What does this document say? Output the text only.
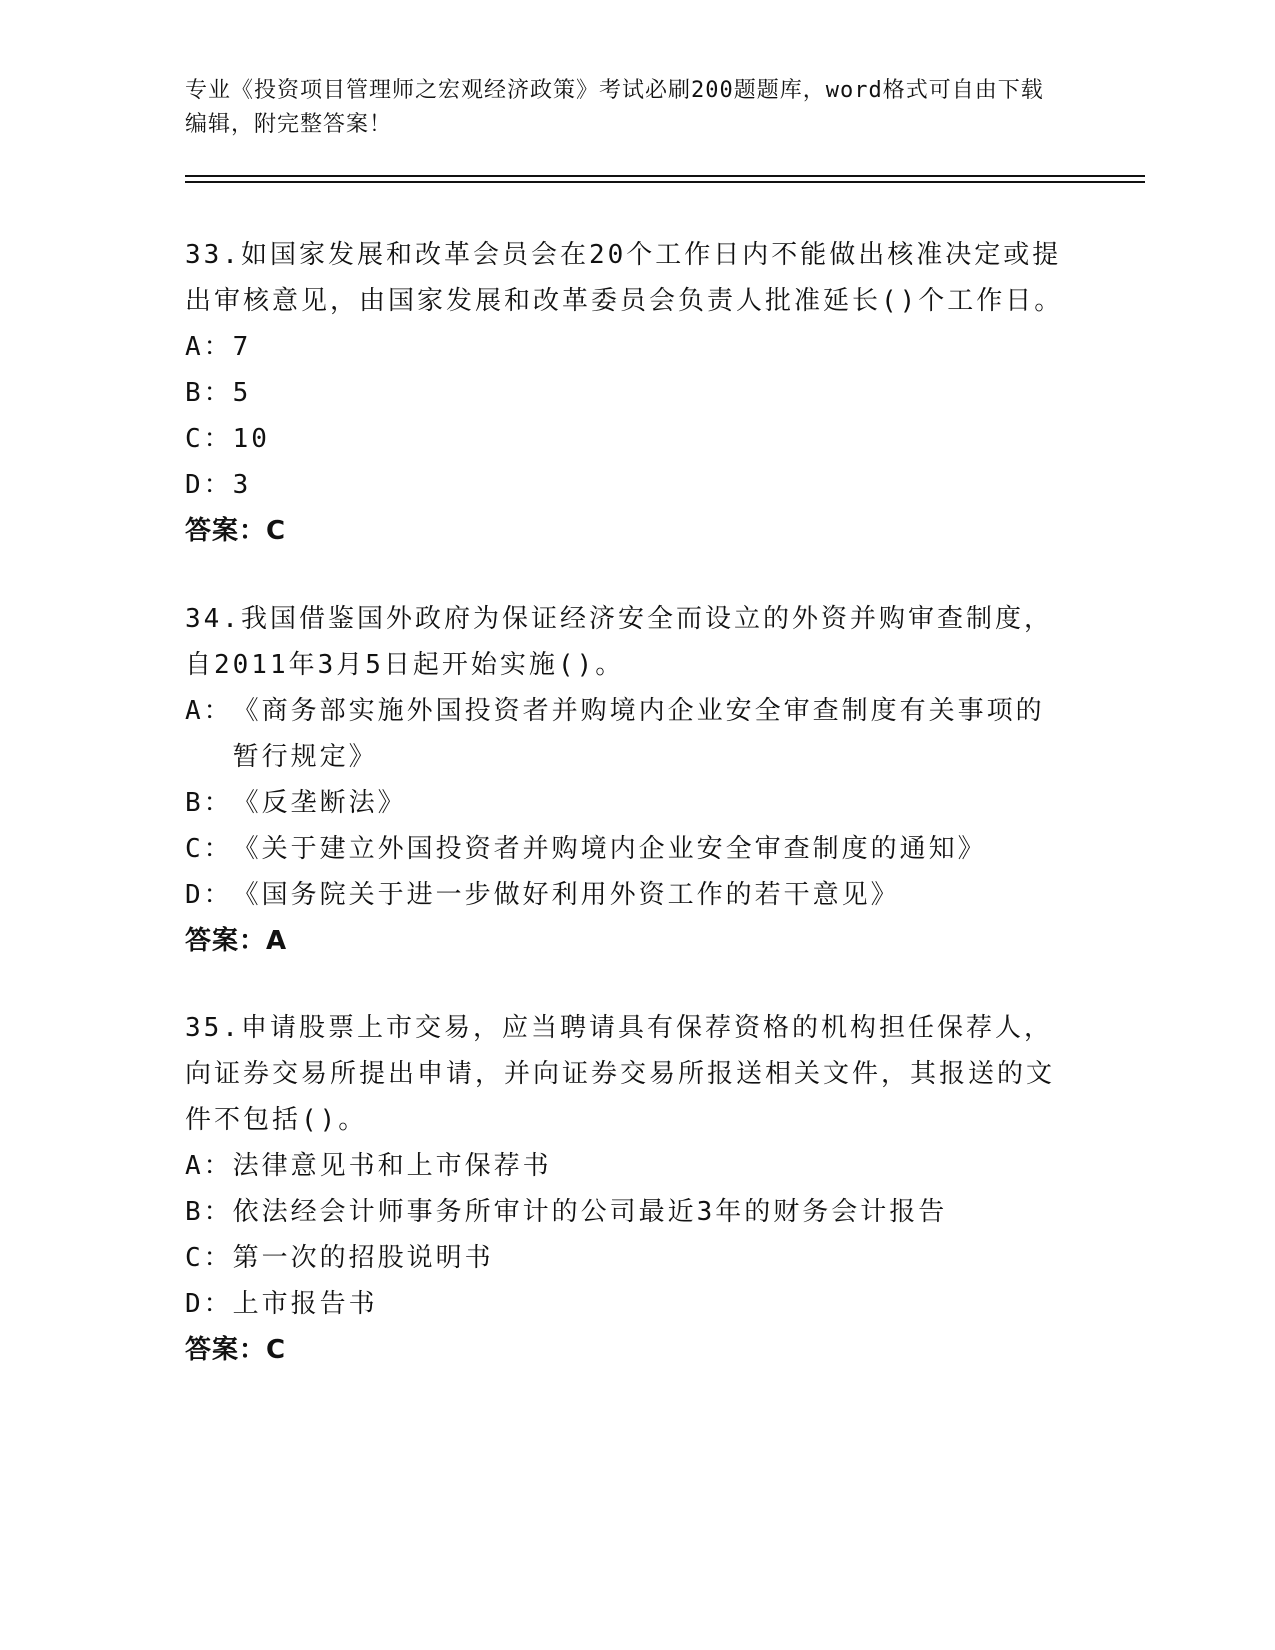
专业《投资项目管理师之宏观经济政策》考试必刷200题题库，word格式可自由下载编辑，附完整答案！

33.如国家发展和改革会员会在20个工作日内不能做出核准决定或提出审核意见，由国家发展和改革委员会负责人批准延长()个工作日。

A： 7

B： 5

C： 10

D： 3

答案：C

34.我国借鉴国外政府为保证经济安全而设立的外资并购审查制度，自2011年3月5日起开始实施()。

A： 《商务部实施外国投资者并购境内企业安全审查制度有关事项的暂行规定》

B： 《反垄断法》

C： 《关于建立外国投资者并购境内企业安全审查制度的通知》

D： 《国务院关于进一步做好利用外资工作的若干意见》

答案：A

35.申请股票上市交易，应当聘请具有保荐资格的机构担任保荐人，向证券交易所提出申请，并向证券交易所报送相关文件，其报送的文件不包括()。

A： 法律意见书和上市保荐书

B： 依法经会计师事务所审计的公司最近3年的财务会计报告

C： 第一次的招股说明书

D： 上市报告书

答案：C
